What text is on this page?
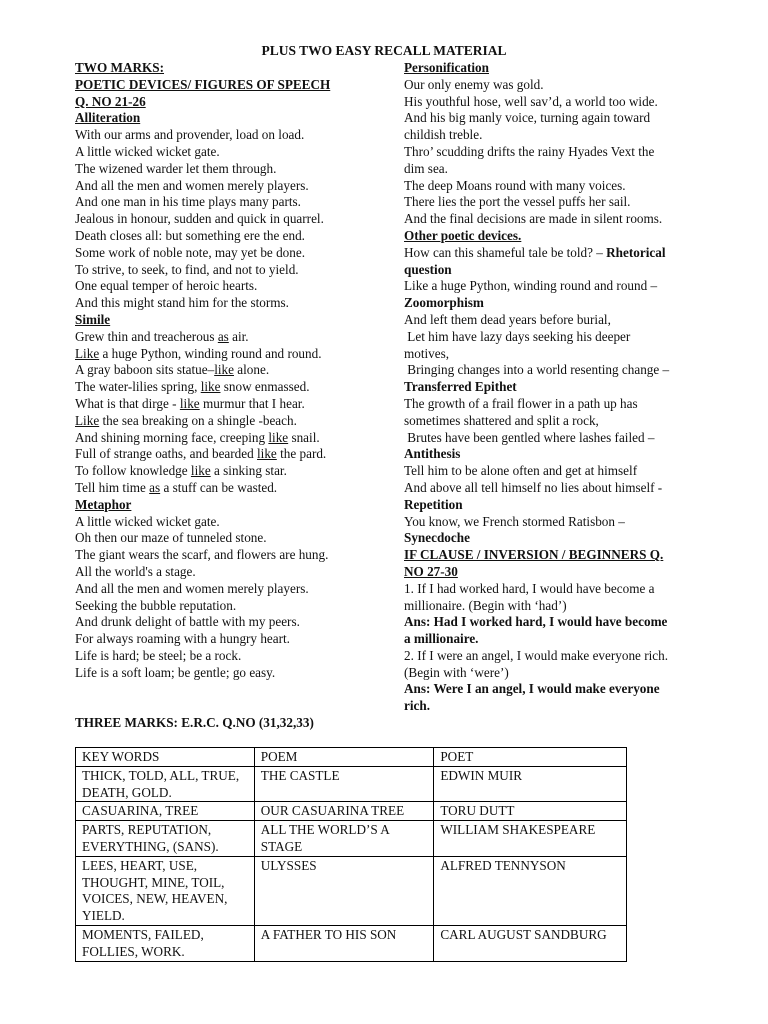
PLUS TWO EASY RECALL MATERIAL
TWO MARKS:
POETIC DEVICES/ FIGURES OF SPEECH
Q. NO 21-26
Alliteration
With our arms and provender, load on load.
A little wicked wicket gate.
The wizened warder let them through.
And all the men and women merely players.
And one man in his time plays many parts.
Jealous in honour, sudden and quick in quarrel.
Death closes all: but something ere the end.
Some work of noble note, may yet be done.
To strive, to seek, to find, and not to yield.
One equal temper of heroic hearts.
And this might stand him for the storms.
Simile
Grew thin and treacherous as air.
Like a huge Python, winding round and round.
A gray baboon sits statue–like alone.
The water-lilies spring, like snow enmassed.
What is that dirge - like murmur that I hear.
Like the sea breaking on a shingle -beach.
And shining morning face, creeping like snail.
Full of strange oaths, and bearded like the pard.
To follow knowledge like a sinking star.
Tell him time as a stuff can be wasted.
Metaphor
A little wicked wicket gate.
Oh then our maze of tunneled stone.
The giant wears the scarf, and flowers are hung.
All the world's a stage.
And all the men and women merely players.
Seeking the bubble reputation.
And drunk delight of battle with my peers.
For always roaming with a hungry heart.
Life is hard; be steel; be a rock.
Life is a soft loam; be gentle; go easy.
Personification
Our only enemy was gold.
His youthful hose, well sav’d, a world too wide.
And his big manly voice, turning again toward
childish treble.
Thro’ scudding drifts the rainy Hyades Vext the
dim sea.
The deep Moans round with many voices.
There lies the port the vessel puffs her sail.
And the final decisions are made in silent rooms.
Other poetic devices.
How can this shameful tale be told? – Rhetorical
question
Like a huge Python, winding round and round –
Zoomorphism
And left them dead years before burial,
Let him have lazy days seeking his deeper
motives,
Bringing changes into a world resenting change –
Transferred Epithet
The growth of a frail flower in a path up has
sometimes shattered and split a rock,
Brutes have been gentled where lashes failed –
Antithesis
Tell him to be alone often and get at himself
And above all tell himself no lies about himself -
Repetition
You know, we French stormed Ratisbon –
Synecdoche
IF CLAUSE / INVERSION / BEGINNERS Q.
NO 27-30
1. If I had worked hard, I would have become a
millionaire. (Begin with ‘had’)
Ans: Had I worked hard, I would have become
a millionaire.
2. If I were an angel, I would make everyone rich.
(Begin with ‘were’)
Ans: Were I an angel, I would make everyone
rich.
THREE MARKS: E.R.C. Q.NO (31,32,33)
KEY WORDS	POEM	POET
THICK, TOLD, ALL, TRUE, DEATH, GOLD.	THE CASTLE	EDWIN MUIR
CASUARINA, TREE	OUR CASUARINA TREE	TORU DUTT
PARTS, REPUTATION, EVERYTHING, (SANS).	ALL THE WORLD’S A STAGE	WILLIAM SHAKESPEARE
LEES, HEART, USE, THOUGHT, MINE, TOIL, VOICES, NEW, HEAVEN, YIELD.	ULYSSES	ALFRED TENNYSON
MOMENTS, FAILED, FOLLIES, WORK.	A FATHER TO HIS SON	CARL AUGUST SANDBURG
